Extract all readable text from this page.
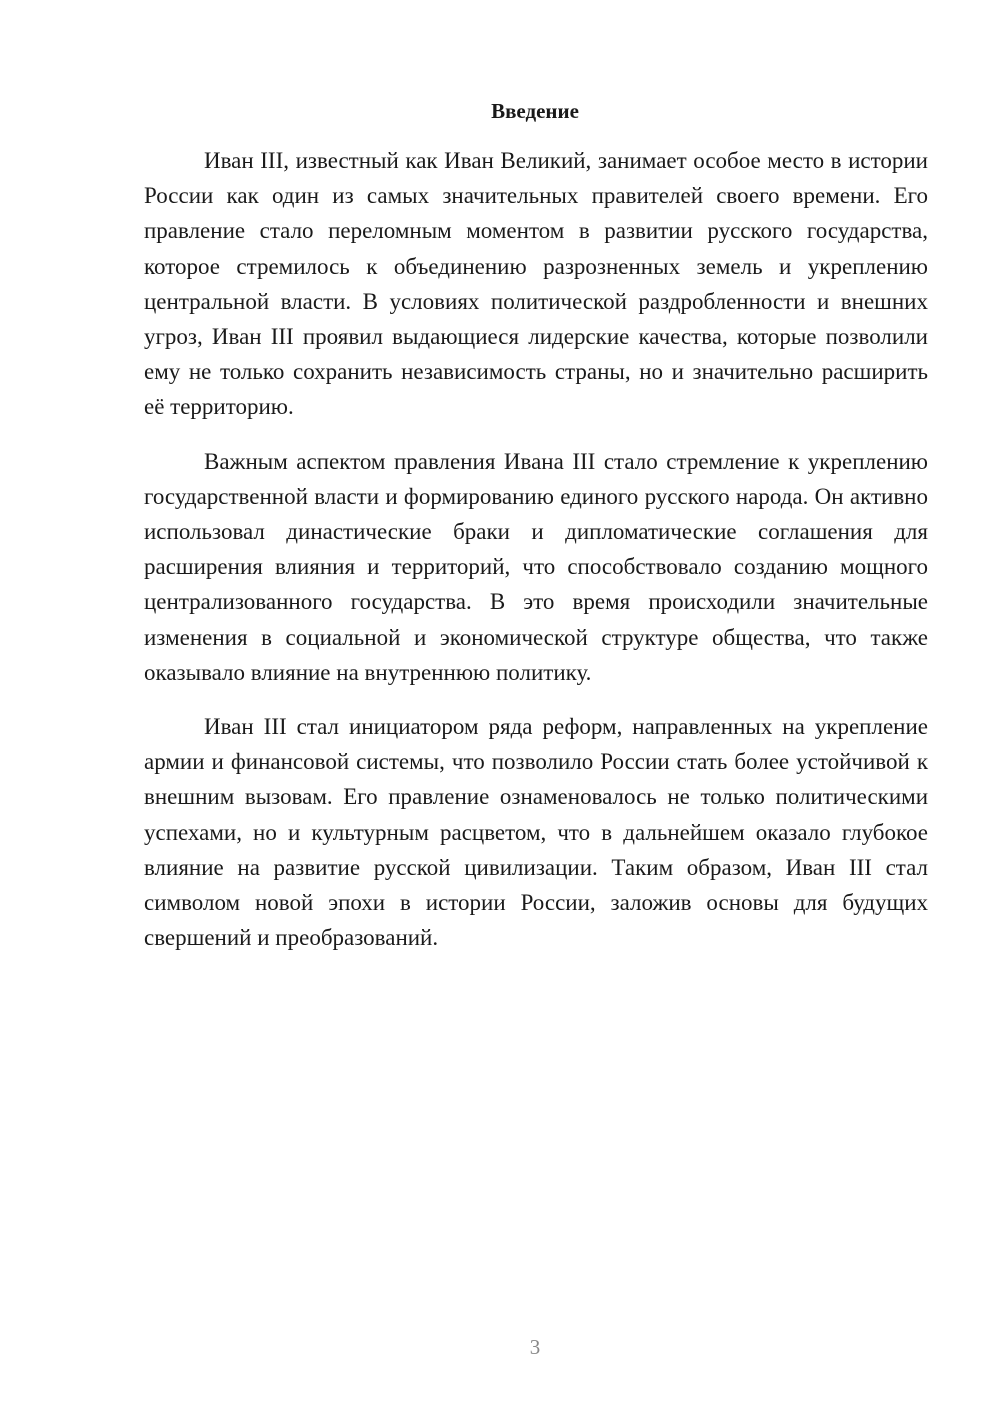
Введение

Иван III, известный как Иван Великий, занимает особое место в истории России как один из самых значительных правителей своего времени. Его правление стало переломным моментом в развитии русского государства, которое стремилось к объединению разрозненных земель и укреплению центральной власти. В условиях политической раздробленности и внешних угроз, Иван III проявил выдающиеся лидерские качества, которые позволили ему не только сохранить независимость страны, но и значительно расширить её территорию.

Важным аспектом правления Ивана III стало стремление к укреплению государственной власти и формированию единого русского народа. Он активно использовал династические браки и дипломатические соглашения для расширения влияния и территорий, что способствовало созданию мощного централизованного государства. В это время происходили значительные изменения в социальной и экономической структуре общества, что также оказывало влияние на внутреннюю политику.

Иван III стал инициатором ряда реформ, направленных на укрепление армии и финансовой системы, что позволило России стать более устойчивой к внешним вызовам. Его правление ознаменовалось не только политическими успехами, но и культурным расцветом, что в дальнейшем оказало глубокое влияние на развитие русской цивилизации. Таким образом, Иван III стал символом новой эпохи в истории России, заложив основы для будущих свершений и преобразований.

3
